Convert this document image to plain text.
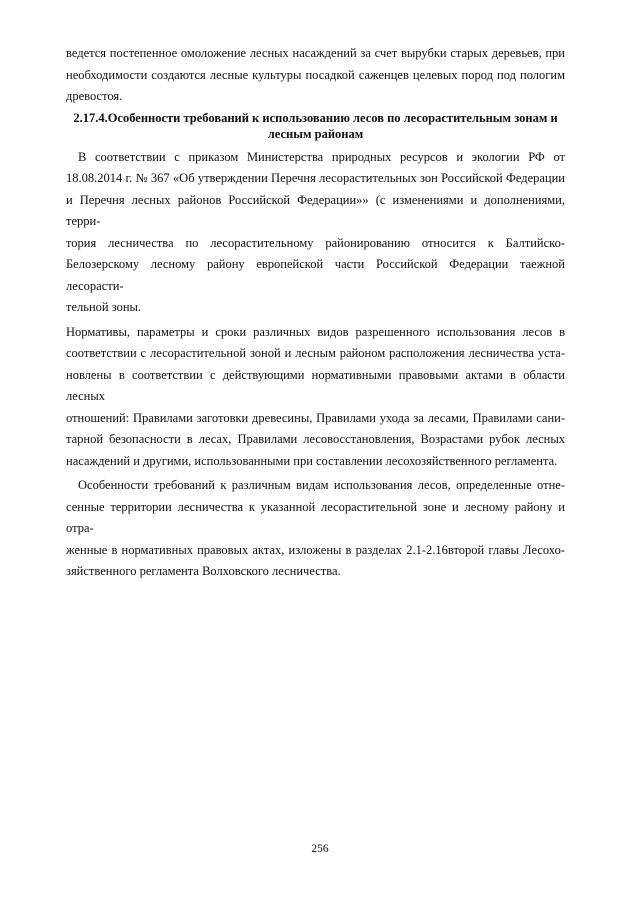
ведется постепенное омоложение лесных насаждений за счет вырубки старых деревьев, при

необходимости создаются лесные культуры посадкой саженцев целевых пород под пологим

древостоя.

2.17.4.Особенности требований к использованию лесов по лесорастительным зонам и
лесным районам

В соответствии с приказом Министерства природных ресурсов и экологии РФ от

18.08.2014 г. № 367 «Об утверждении Перечня лесорастительных зон Российской Федерации

и Перечня лесных районов Российской Федерации»» (с изменениями и дополнениями, терри-

тория лесничества по лесорастительному районированию относится к Балтийско-

Белозерскому лесному району европейской части Российской Федерации таежной лесорасти-

тельной зоны.

Нормативы, параметры и сроки различных видов разрешенного использования лесов в

соответствии с лесорастительной зоной и лесным районом расположения лесничества уста-

новлены в соответствии с действующими нормативными правовыми актами в области лесных

отношений: Правилами заготовки древесины, Правилами ухода за лесами, Правилами сани-

тарной безопасности в лесах, Правилами лесовосстановления, Возрастами рубок лесных

насаждений и другими, использованными при составлении лесохозяйственного регламента.

Особенности требований к различным видам использования лесов, определенные отне-

сенные территории лесничества к указанной лесорастительной зоне и лесному району и отра-

женные в нормативных правовых актах, изложены в разделах 2.1-2.16второй главы Лесохо-

зяйственного регламента Волховского лесничества.

256
